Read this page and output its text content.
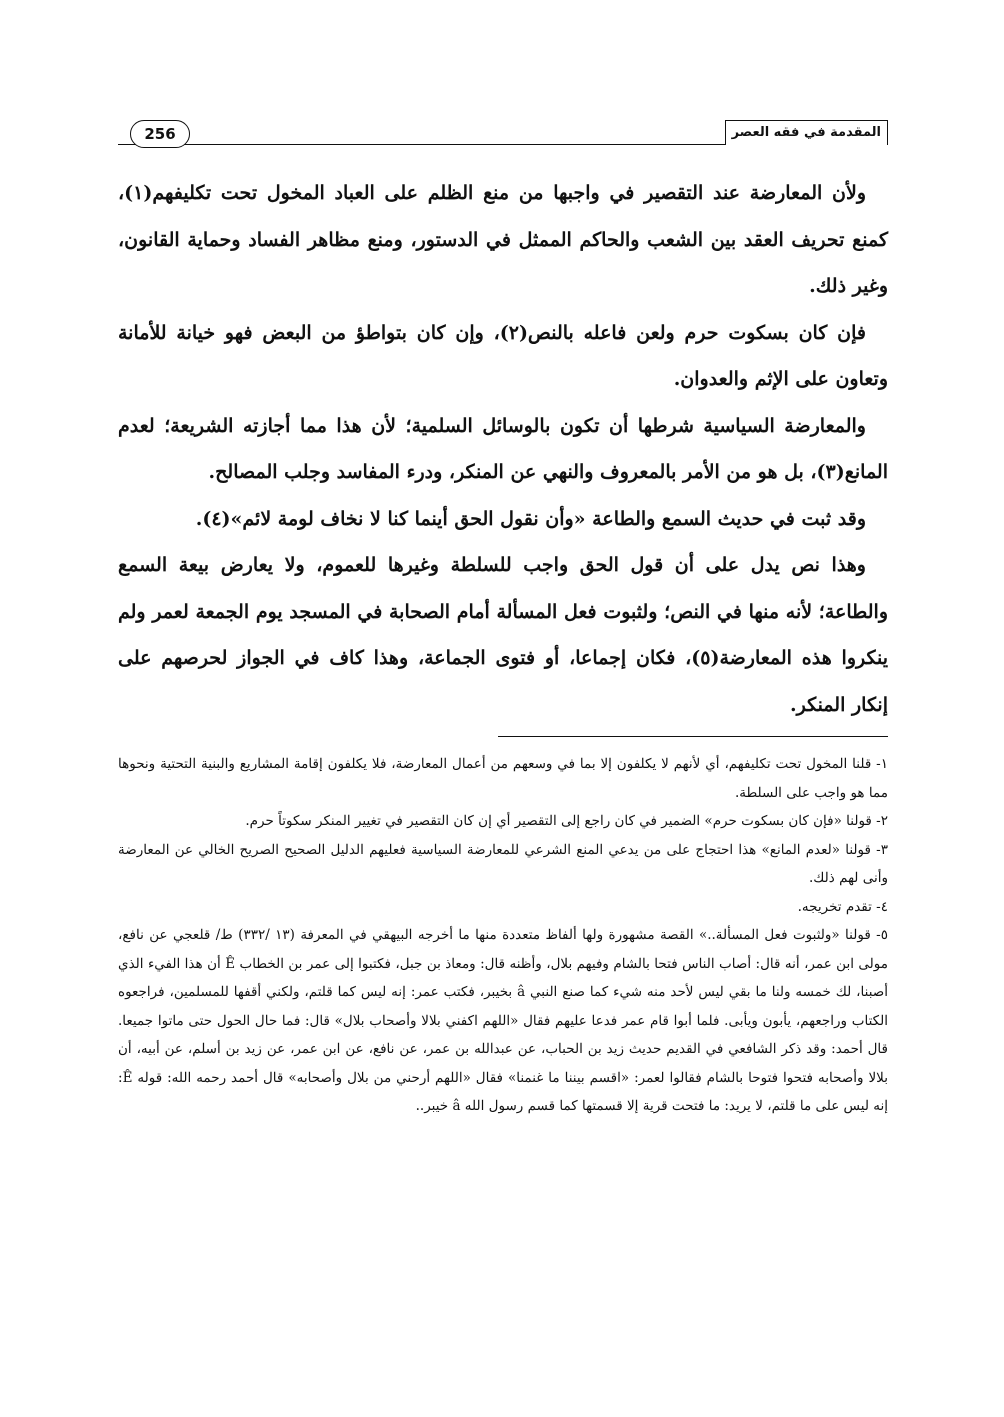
المقدمة في فقه العصر
256

ولأن المعارضة عند التقصير في واجبها من منع الظلم على العباد المخول تحت تكليفهم(١)، كمنع تحريف العقد بين الشعب والحاكم الممثل في الدستور، ومنع مظاهر الفساد وحماية القانون، وغير ذلك.

فإن كان بسكوت حرم ولعن فاعله بالنص(٢)، وإن كان بتواطؤ من البعض فهو خيانة للأمانة وتعاون على الإثم والعدوان.

والمعارضة السياسية شرطها أن تكون بالوسائل السلمية؛ لأن هذا مما أجازته الشريعة؛ لعدم المانع(٣)، بل هو من الأمر بالمعروف والنهي عن المنكر، ودرء المفاسد وجلب المصالح.

وقد ثبت في حديث السمع والطاعة «وأن نقول الحق أينما كنا لا نخاف لومة لائم»(٤).

وهذا نص يدل على أن قول الحق واجب للسلطة وغيرها للعموم، ولا يعارض بيعة السمع والطاعة؛ لأنه منها في النص؛ ولثبوت فعل المسألة أمام الصحابة في المسجد يوم الجمعة لعمر ولم ينكروا هذه المعارضة(٥)، فكان إجماعا، أو فتوى الجماعة، وهذا كاف في الجواز لحرصهم على إنكار المنكر.

١- قلنا المخول تحت تكليفهم، أي لأنهم لا يكلفون إلا بما في وسعهم من أعمال المعارضة، فلا يكلفون إقامة المشاريع والبنية التحتية ونحوها مما هو واجب على السلطة.

٢- قولنا «فإن كان بسكوت حرم» الضمير في كان راجع إلى التقصير أي إن كان التقصير في تغيير المنكر سكوتاً حرم.

٣- قولنا «لعدم المانع» هذا احتجاج على من يدعي المنع الشرعي للمعارضة السياسية فعليهم الدليل الصحيح الصريح الخالي عن المعارضة وأنى لهم ذلك.

٤- تقدم تخريجه.

٥- قولنا «ولثبوت فعل المسألة..» القصة مشهورة ولها ألفاظ متعددة منها ما أخرجه البيهقي في المعرفة (١٣ /٣٣٢) ط/ قلعجي عن نافع، مولى ابن عمر، أنه قال: أصاب الناس فتحا بالشام وفيهم بلال، وأظنه قال: ومعاذ بن جبل، فكتبوا إلى عمر بن الخطاب Ê أن هذا الفيء الذي أصبنا، لك خمسه ولنا ما بقي ليس لأحد منه شيء كما صنع النبي â بخيبر، فكتب عمر: إنه ليس كما قلتم، ولكني أقفها للمسلمين، فراجعوه الكتاب وراجعهم، يأبون ويأبى. فلما أبوا قام عمر فدعا عليهم فقال «اللهم اكفني بلالا وأصحاب بلال» قال: فما حال الحول حتى ماتوا جميعا. قال أحمد: وقد ذكر الشافعي في القديم حديث زيد بن الحباب، عن عبدالله بن عمر، عن نافع، عن ابن عمر، عن زيد بن أسلم، عن أبيه، أن بلالا وأصحابه فتحوا فتوحا بالشام فقالوا لعمر: «اقسم بيننا ما غنمنا» فقال «اللهم أرحني من بلال وأصحابه» قال أحمد رحمه الله: قوله Ê: إنه ليس على ما قلتم، لا يريد: ما فتحت قرية إلا قسمتها كما قسم رسول الله â خيبر..
